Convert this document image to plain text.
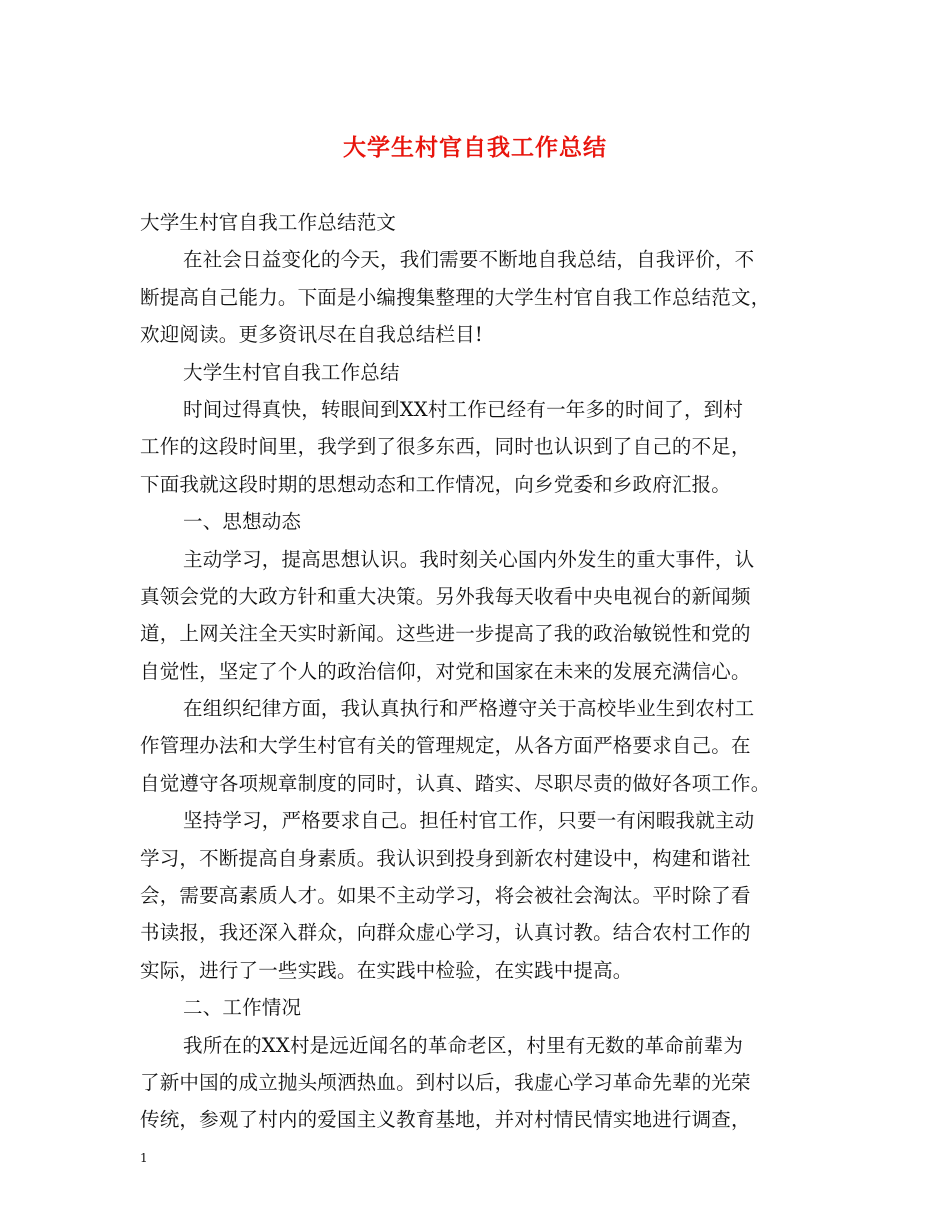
大学生村官自我工作总结
大学生村官自我工作总结范文
在社会日益变化的今天，我们需要不断地自我总结，自我评价，不
断提高自己能力。下面是小编搜集整理的大学生村官自我工作总结范文，
欢迎阅读。更多资讯尽在自我总结栏目!
大学生村官自我工作总结
时间过得真快，转眼间到XX村工作已经有一年多的时间了，到村
工作的这段时间里，我学到了很多东西，同时也认识到了自己的不足，
下面我就这段时期的思想动态和工作情况，向乡党委和乡政府汇报。
一、思想动态
主动学习，提高思想认识。我时刻关心国内外发生的重大事件，认
真领会党的大政方针和重大决策。另外我每天收看中央电视台的新闻频
道，上网关注全天实时新闻。这些进一步提高了我的政治敏锐性和党的
自觉性，坚定了个人的政治信仰，对党和国家在未来的发展充满信心。
在组织纪律方面，我认真执行和严格遵守关于高校毕业生到农村工
作管理办法和大学生村官有关的管理规定，从各方面严格要求自己。在
自觉遵守各项规章制度的同时，认真、踏实、尽职尽责的做好各项工作。
坚持学习，严格要求自己。担任村官工作，只要一有闲暇我就主动
学习，不断提高自身素质。我认识到投身到新农村建设中，构建和谐社
会，需要高素质人才。如果不主动学习，将会被社会淘汰。平时除了看
书读报，我还深入群众，向群众虚心学习，认真讨教。结合农村工作的
实际，进行了一些实践。在实践中检验，在实践中提高。
二、工作情况
我所在的XX村是远近闻名的革命老区，村里有无数的革命前辈为
了新中国的成立抛头颅洒热血。到村以后，我虚心学习革命先辈的光荣
传统，参观了村内的爱国主义教育基地，并对村情民情实地进行调查，
1
